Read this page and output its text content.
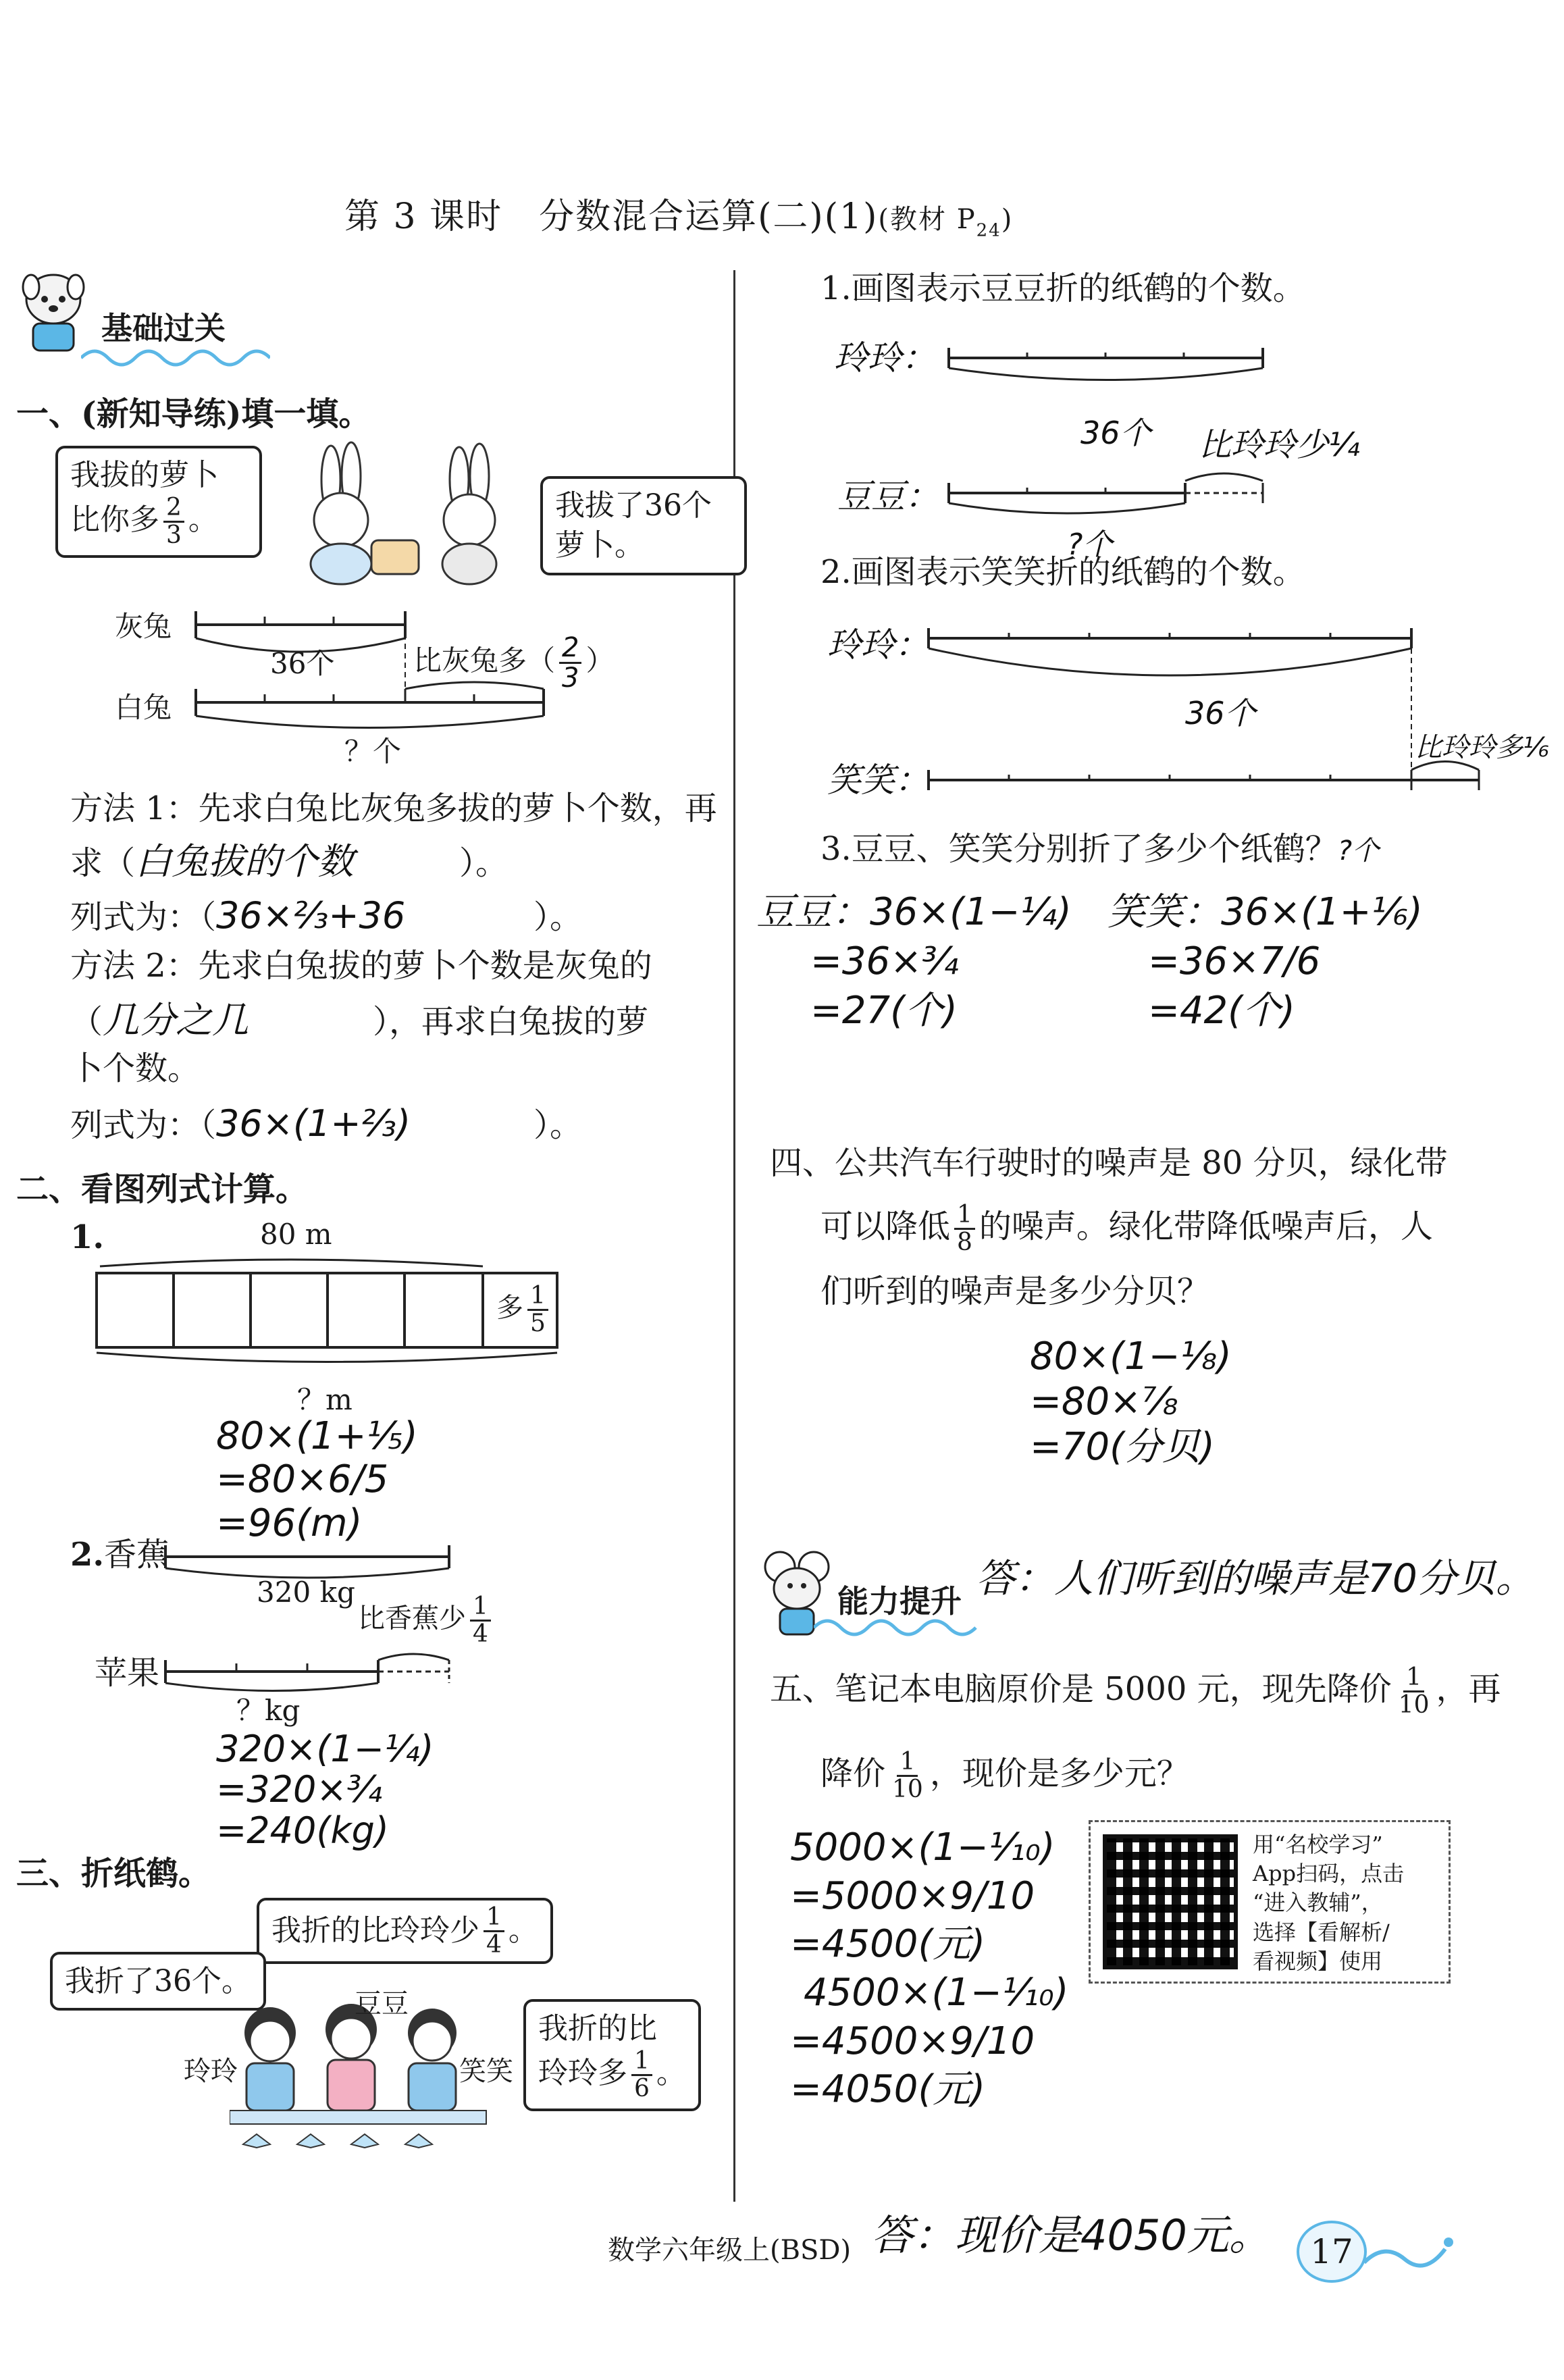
第 3 课时　分数混合运算(二)(1)(教材 $P_{24}$)
基础过关
一、(新知导练)填一填。
我拔的萝卜
比你多 $\frac{2}{3}$ 。	我拔了36个
萝卜。
灰兔
白兔
36个	比灰兔多（ $\frac{2}{3}$ ）
？个
方法 1：先求白兔比灰兔多拔的萝卜个数，再
求（白兔拔的个数	）。
列式为：（36×⅔+36	）。
方法 2：先求白兔拔的萝卜个数是灰兔的
（几分之几	），再求白兔拔的萝
卜个数。
列式为：（36×(1+⅔)	）。
二、看图列式计算。
1.	80 m
多 $\frac{1}{5}$
？m
80×(1+⅕)
=80×6/5
=96(m)
2.香蕉
320 kg
比香蕉少 $\frac{1}{4}$
苹果
？kg
320×(1−¼)
=320×¾
=240(kg)
三、折纸鹤。
我折的比玲玲少 $\frac{1}{4}$ 。
我折了36个。
我折的比
玲玲多 $\frac{1}{6}$ 。
豆豆
玲玲	笑笑
1.画图表示豆豆折的纸鹤的个数。
玲玲：
36个 比玲玲少¼
豆豆：
?个
2.画图表示笑笑折的纸鹤的个数。
玲玲：
36个
比玲玲多⅙
笑笑：
3.豆豆、笑笑分别折了多少个纸鹤？?个
豆豆：36×(1−¼)
=36×¾
=27(个)
笑笑：36×(1+⅙)
=36×7/6
=42(个)
四、公共汽车行驶时的噪声是 80 分贝，绿化带
可以降低 $\frac{1}{8}$ 的噪声。绿化带降低噪声后，人
们听到的噪声是多少分贝？
80×(1−⅛)
=80×⅞
=70(分贝)
答：人们听到的噪声是70分贝。
能力提升
五、笔记本电脑原价是 5000 元，现先降价 $\frac{1}{10}$ ，再
降价 $\frac{1}{10}$ ，现价是多少元？
5000×(1−⅒)
=5000×9/10
=4500(元)
4500×(1−⅒)
=4500×9/10
=4050(元)
答：现价是4050元。
用“名校学习”
App扫码，点击
“进入教辅”，
选择【看解析/
看视频】使用
数学六年级上(BSD)	17
